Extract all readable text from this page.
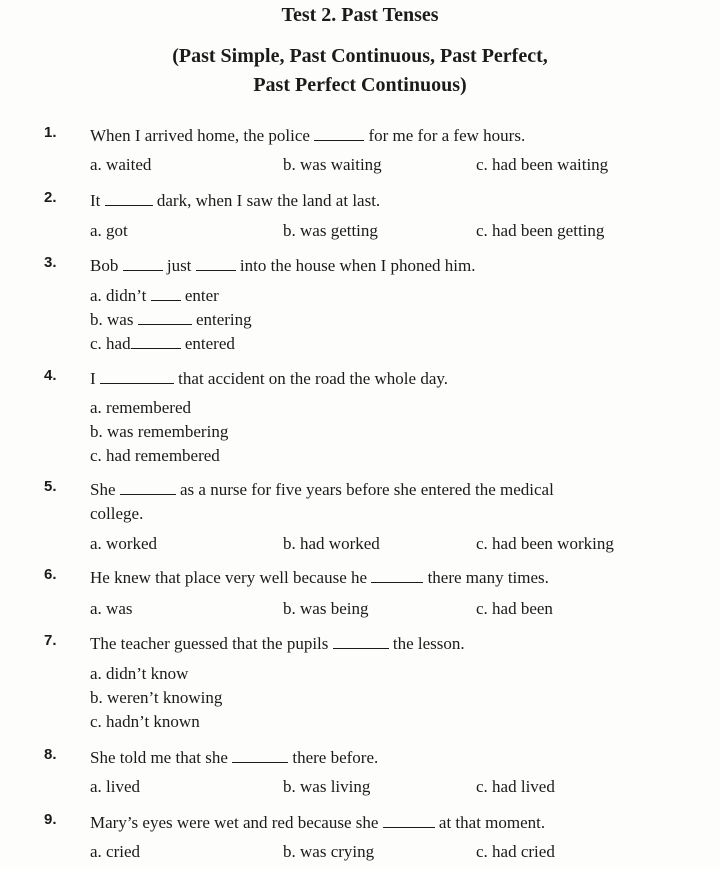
Test 2. Past Tenses
(Past Simple, Past Continuous, Past Perfect,
Past Perfect Continuous)
1. When I arrived home, the police	for me for a few hours.
a. waited	b. was waiting	c. had been waiting
2. It	dark, when I saw the land at last.
a. got	b. was getting	c. had been getting
3. Bob  just  into the house when I phoned him.
a. didn’t  enter
b. was	entering
c. had	entered
4. I	that accident on the road the whole day.
a. remembered
b. was remembering
c. had remembered
5. She	as a nurse for five years before she entered the medical
college.
a. worked	b. had worked	c. had been working
6. He knew that place very well because he	there many times.
a. was	b. was being	c. had been
7. The teacher guessed that the pupils	the lesson.
a. didn’t know
b. weren’t knowing
c. hadn’t known
8. She told me that she	there before.
a. lived	b. was living	c. had lived
9. Mary’s eyes were wet and red because she	at that moment.
a. cried	b. was crying	c. had cried
